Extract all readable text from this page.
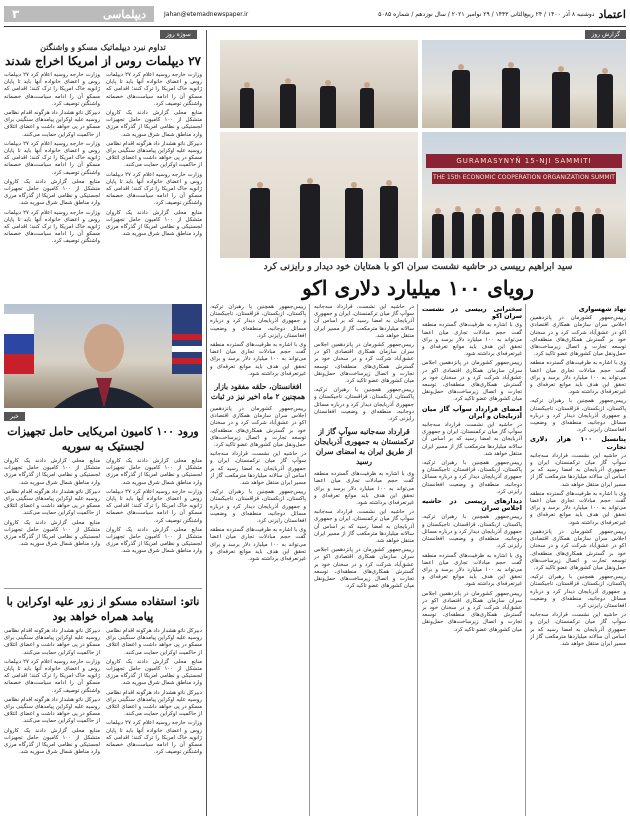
اعتماد
دوشنبه ۸ آذر ۱۴۰۰ / ۲۴ ربیع‌الثانی ۱۴۴۳ / ۲۹ نوامبر ۲۰۲۱ / سال نوزدهم / شماره ۵۰۸۵
Jahan@etemadnewspaper.ir
دیپلماسی
۳
گزارش روز
سوژه روز
GURAMASYNYŇ 15-NJI SAMMITI
THE 15th ECONOMIC COOPERATION ORGANIZATION SUMMIT
سید ابراهیم رییسی در حاشیه نشست سران اکو با همتایان خود دیدار و رایزنی کرد
رویای ۱۰۰ میلیارد دلاری اکو
نهاد شهسواری

رییس‌جمهور کشورمان در پانزدهمین اجلاس سران سازمان همکاری اقتصادی اکو در عشق‌آباد شرکت کرد و در سخنان خود بر گسترش همکاری‌های منطقه‌ای، توسعه تجارت و اتصال زیرساخت‌های حمل‌ونقل میان کشورهای عضو تاکید کرد.

وی با اشاره به ظرفیت‌های گسترده منطقه گفت حجم مبادلات تجاری میان اعضا می‌تواند به ۱۰۰ میلیارد دلار برسد و برای تحقق این هدف باید موانع تعرفه‌ای و غیرتعرفه‌ای برداشته شود.

رییس‌جمهور همچنین با رهبران ترکیه، پاکستان، ازبکستان، قزاقستان، تاجیکستان و جمهوری آذربایجان دیدار کرد و درباره مسائل دوجانبه، منطقه‌ای و وضعیت افغانستان رایزنی کرد.

پتانسیل ۱۰۰ هزار دلاری تجارت

در حاشیه این نشست، قرارداد سه‌جانبه سوآپ گاز میان ترکمنستان، ایران و جمهوری آذربایجان به امضا رسید که بر اساس آن سالانه میلیاردها مترمکعب گاز از مسیر ایران منتقل خواهد شد.

وی با اشاره به ظرفیت‌های گسترده منطقه گفت حجم مبادلات تجاری میان اعضا می‌تواند به ۱۰۰ میلیارد دلار برسد و برای تحقق این هدف باید موانع تعرفه‌ای و غیرتعرفه‌ای برداشته شود.

رییس‌جمهور کشورمان در پانزدهمین اجلاس سران سازمان همکاری اقتصادی اکو در عشق‌آباد شرکت کرد و در سخنان خود بر گسترش همکاری‌های منطقه‌ای، توسعه تجارت و اتصال زیرساخت‌های حمل‌ونقل میان کشورهای عضو تاکید کرد.

رییس‌جمهور همچنین با رهبران ترکیه، پاکستان، ازبکستان، قزاقستان، تاجیکستان و جمهوری آذربایجان دیدار کرد و درباره مسائل دوجانبه، منطقه‌ای و وضعیت افغانستان رایزنی کرد.

در حاشیه این نشست، قرارداد سه‌جانبه سوآپ گاز میان ترکمنستان، ایران و جمهوری آذربایجان به امضا رسید که بر اساس آن سالانه میلیاردها مترمکعب گاز از مسیر ایران منتقل خواهد شد.

سخنرانی رییسی در نشست سران اکو

وی با اشاره به ظرفیت‌های گسترده منطقه گفت حجم مبادلات تجاری میان اعضا می‌تواند به ۱۰۰ میلیارد دلار برسد و برای تحقق این هدف باید موانع تعرفه‌ای و غیرتعرفه‌ای برداشته شود.

رییس‌جمهور کشورمان در پانزدهمین اجلاس سران سازمان همکاری اقتصادی اکو در عشق‌آباد شرکت کرد و در سخنان خود بر گسترش همکاری‌های منطقه‌ای، توسعه تجارت و اتصال زیرساخت‌های حمل‌ونقل میان کشورهای عضو تاکید کرد.

امضای قرارداد سوآپ گاز میان آذربایجان و ایران

در حاشیه این نشست، قرارداد سه‌جانبه سوآپ گاز میان ترکمنستان، ایران و جمهوری آذربایجان به امضا رسید که بر اساس آن سالانه میلیاردها مترمکعب گاز از مسیر ایران منتقل خواهد شد.

رییس‌جمهور همچنین با رهبران ترکیه، پاکستان، ازبکستان، قزاقستان، تاجیکستان و جمهوری آذربایجان دیدار کرد و درباره مسائل دوجانبه، منطقه‌ای و وضعیت افغانستان رایزنی کرد.

دیدارهای رییسی در حاشیه اجلاس سران

رییس‌جمهور همچنین با رهبران ترکیه، پاکستان، ازبکستان، قزاقستان، تاجیکستان و جمهوری آذربایجان دیدار کرد و درباره مسائل دوجانبه، منطقه‌ای و وضعیت افغانستان رایزنی کرد.

وی با اشاره به ظرفیت‌های گسترده منطقه گفت حجم مبادلات تجاری میان اعضا می‌تواند به ۱۰۰ میلیارد دلار برسد و برای تحقق این هدف باید موانع تعرفه‌ای و غیرتعرفه‌ای برداشته شود.

رییس‌جمهور کشورمان در پانزدهمین اجلاس سران سازمان همکاری اقتصادی اکو در عشق‌آباد شرکت کرد و در سخنان خود بر گسترش همکاری‌های منطقه‌ای، توسعه تجارت و اتصال زیرساخت‌های حمل‌ونقل میان کشورهای عضو تاکید کرد.

در حاشیه این نشست، قرارداد سه‌جانبه سوآپ گاز میان ترکمنستان، ایران و جمهوری آذربایجان به امضا رسید که بر اساس آن سالانه میلیاردها مترمکعب گاز از مسیر ایران منتقل خواهد شد.

رییس‌جمهور کشورمان در پانزدهمین اجلاس سران سازمان همکاری اقتصادی اکو در عشق‌آباد شرکت کرد و در سخنان خود بر گسترش همکاری‌های منطقه‌ای، توسعه تجارت و اتصال زیرساخت‌های حمل‌ونقل میان کشورهای عضو تاکید کرد.

رییس‌جمهور همچنین با رهبران ترکیه، پاکستان، ازبکستان، قزاقستان، تاجیکستان و جمهوری آذربایجان دیدار کرد و درباره مسائل دوجانبه، منطقه‌ای و وضعیت افغانستان رایزنی کرد.

قرارداد سه‌جانبه سوآپ گاز از ترکمنستان به جمهوری آذربایجان از طریق ایران به امضای سران رسید

وی با اشاره به ظرفیت‌های گسترده منطقه گفت حجم مبادلات تجاری میان اعضا می‌تواند به ۱۰۰ میلیارد دلار برسد و برای تحقق این هدف باید موانع تعرفه‌ای و غیرتعرفه‌ای برداشته شود.

در حاشیه این نشست، قرارداد سه‌جانبه سوآپ گاز میان ترکمنستان، ایران و جمهوری آذربایجان به امضا رسید که بر اساس آن سالانه میلیاردها مترمکعب گاز از مسیر ایران منتقل خواهد شد.

رییس‌جمهور کشورمان در پانزدهمین اجلاس سران سازمان همکاری اقتصادی اکو در عشق‌آباد شرکت کرد و در سخنان خود بر گسترش همکاری‌های منطقه‌ای، توسعه تجارت و اتصال زیرساخت‌های حمل‌ونقل میان کشورهای عضو تاکید کرد.

رییس‌جمهور همچنین با رهبران ترکیه، پاکستان، ازبکستان، قزاقستان، تاجیکستان و جمهوری آذربایجان دیدار کرد و درباره مسائل دوجانبه، منطقه‌ای و وضعیت افغانستان رایزنی کرد.

وی با اشاره به ظرفیت‌های گسترده منطقه گفت حجم مبادلات تجاری میان اعضا می‌تواند به ۱۰۰ میلیارد دلار برسد و برای تحقق این هدف باید موانع تعرفه‌ای و غیرتعرفه‌ای برداشته شود.

افغانستان، حلقه مفقود بازار همچنین ۲ ماه اخیر نیز در ثبات

رییس‌جمهور کشورمان در پانزدهمین اجلاس سران سازمان همکاری اقتصادی اکو در عشق‌آباد شرکت کرد و در سخنان خود بر گسترش همکاری‌های منطقه‌ای، توسعه تجارت و اتصال زیرساخت‌های حمل‌ونقل میان کشورهای عضو تاکید کرد.

در حاشیه این نشست، قرارداد سه‌جانبه سوآپ گاز میان ترکمنستان، ایران و جمهوری آذربایجان به امضا رسید که بر اساس آن سالانه میلیاردها مترمکعب گاز از مسیر ایران منتقل خواهد شد.

رییس‌جمهور همچنین با رهبران ترکیه، پاکستان، ازبکستان، قزاقستان، تاجیکستان و جمهوری آذربایجان دیدار کرد و درباره مسائل دوجانبه، منطقه‌ای و وضعیت افغانستان رایزنی کرد.

وی با اشاره به ظرفیت‌های گسترده منطقه گفت حجم مبادلات تجاری میان اعضا می‌تواند به ۱۰۰ میلیارد دلار برسد و برای تحقق این هدف باید موانع تعرفه‌ای و غیرتعرفه‌ای برداشته شود.

تداوم نبرد دیپلماتیک مسکو و واشنگتن
۲۷ دیپلمات روس از امریکا اخراج شدند

وزارت خارجه روسیه اعلام کرد ۲۷ دیپلمات روس و اعضای خانواده آنها باید تا پایان ژانویه خاک امریکا را ترک کنند؛ اقدامی که مسکو آن را ادامه سیاست‌های خصمانه واشنگتن توصیف کرد.

دبیرکل ناتو هشدار داد هرگونه اقدام نظامی روسیه علیه اوکراین پیامدهای سنگینی برای مسکو در پی خواهد داشت و اعضای ائتلاف از حاکمیت اوکراین حمایت می‌کنند.

وزارت خارجه روسیه اعلام کرد ۲۷ دیپلمات روس و اعضای خانواده آنها باید تا پایان ژانویه خاک امریکا را ترک کنند؛ اقدامی که مسکو آن را ادامه سیاست‌های خصمانه واشنگتن توصیف کرد.

منابع محلی گزارش دادند یک کاروان متشکل از ۱۰۰ کامیون حامل تجهیزات لجستیکی و نظامی امریکا از گذرگاه مرزی وارد مناطق شمال شرق سوریه شد.

وزارت خارجه روسیه اعلام کرد ۲۷ دیپلمات روس و اعضای خانواده آنها باید تا پایان ژانویه خاک امریکا را ترک کنند؛ اقدامی که مسکو آن را ادامه سیاست‌های خصمانه واشنگتن توصیف کرد.

وزارت خارجه روسیه اعلام کرد ۲۷ دیپلمات روس و اعضای خانواده آنها باید تا پایان ژانویه خاک امریکا را ترک کنند؛ اقدامی که مسکو آن را ادامه سیاست‌های خصمانه واشنگتن توصیف کرد.

منابع محلی گزارش دادند یک کاروان متشکل از ۱۰۰ کامیون حامل تجهیزات لجستیکی و نظامی امریکا از گذرگاه مرزی وارد مناطق شمال شرق سوریه شد.

دبیرکل ناتو هشدار داد هرگونه اقدام نظامی روسیه علیه اوکراین پیامدهای سنگینی برای مسکو در پی خواهد داشت و اعضای ائتلاف از حاکمیت اوکراین حمایت می‌کنند.

وزارت خارجه روسیه اعلام کرد ۲۷ دیپلمات روس و اعضای خانواده آنها باید تا پایان ژانویه خاک امریکا را ترک کنند؛ اقدامی که مسکو آن را ادامه سیاست‌های خصمانه واشنگتن توصیف کرد.

منابع محلی گزارش دادند یک کاروان متشکل از ۱۰۰ کامیون حامل تجهیزات لجستیکی و نظامی امریکا از گذرگاه مرزی وارد مناطق شمال شرق سوریه شد.

خبر
ورود ۱۰۰ کامیون امریکایی حامل تجهیزات لجستیک به سوریه

منابع محلی گزارش دادند یک کاروان متشکل از ۱۰۰ کامیون حامل تجهیزات لجستیکی و نظامی امریکا از گذرگاه مرزی وارد مناطق شمال شرق سوریه شد.

دبیرکل ناتو هشدار داد هرگونه اقدام نظامی روسیه علیه اوکراین پیامدهای سنگینی برای مسکو در پی خواهد داشت و اعضای ائتلاف از حاکمیت اوکراین حمایت می‌کنند.

منابع محلی گزارش دادند یک کاروان متشکل از ۱۰۰ کامیون حامل تجهیزات لجستیکی و نظامی امریکا از گذرگاه مرزی وارد مناطق شمال شرق سوریه شد.

منابع محلی گزارش دادند یک کاروان متشکل از ۱۰۰ کامیون حامل تجهیزات لجستیکی و نظامی امریکا از گذرگاه مرزی وارد مناطق شمال شرق سوریه شد.

وزارت خارجه روسیه اعلام کرد ۲۷ دیپلمات روس و اعضای خانواده آنها باید تا پایان ژانویه خاک امریکا را ترک کنند؛ اقدامی که مسکو آن را ادامه سیاست‌های خصمانه واشنگتن توصیف کرد.

منابع محلی گزارش دادند یک کاروان متشکل از ۱۰۰ کامیون حامل تجهیزات لجستیکی و نظامی امریکا از گذرگاه مرزی وارد مناطق شمال شرق سوریه شد.

ناتو: استفاده مسکو از زور علیه اوکراین با پیامد همراه خواهد بود

دبیرکل ناتو هشدار داد هرگونه اقدام نظامی روسیه علیه اوکراین پیامدهای سنگینی برای مسکو در پی خواهد داشت و اعضای ائتلاف از حاکمیت اوکراین حمایت می‌کنند.

وزارت خارجه روسیه اعلام کرد ۲۷ دیپلمات روس و اعضای خانواده آنها باید تا پایان ژانویه خاک امریکا را ترک کنند؛ اقدامی که مسکو آن را ادامه سیاست‌های خصمانه واشنگتن توصیف کرد.

دبیرکل ناتو هشدار داد هرگونه اقدام نظامی روسیه علیه اوکراین پیامدهای سنگینی برای مسکو در پی خواهد داشت و اعضای ائتلاف از حاکمیت اوکراین حمایت می‌کنند.

منابع محلی گزارش دادند یک کاروان متشکل از ۱۰۰ کامیون حامل تجهیزات لجستیکی و نظامی امریکا از گذرگاه مرزی وارد مناطق شمال شرق سوریه شد.

دبیرکل ناتو هشدار داد هرگونه اقدام نظامی روسیه علیه اوکراین پیامدهای سنگینی برای مسکو در پی خواهد داشت و اعضای ائتلاف از حاکمیت اوکراین حمایت می‌کنند.

منابع محلی گزارش دادند یک کاروان متشکل از ۱۰۰ کامیون حامل تجهیزات لجستیکی و نظامی امریکا از گذرگاه مرزی وارد مناطق شمال شرق سوریه شد.

دبیرکل ناتو هشدار داد هرگونه اقدام نظامی روسیه علیه اوکراین پیامدهای سنگینی برای مسکو در پی خواهد داشت و اعضای ائتلاف از حاکمیت اوکراین حمایت می‌کنند.

وزارت خارجه روسیه اعلام کرد ۲۷ دیپلمات روس و اعضای خانواده آنها باید تا پایان ژانویه خاک امریکا را ترک کنند؛ اقدامی که مسکو آن را ادامه سیاست‌های خصمانه واشنگتن توصیف کرد.
